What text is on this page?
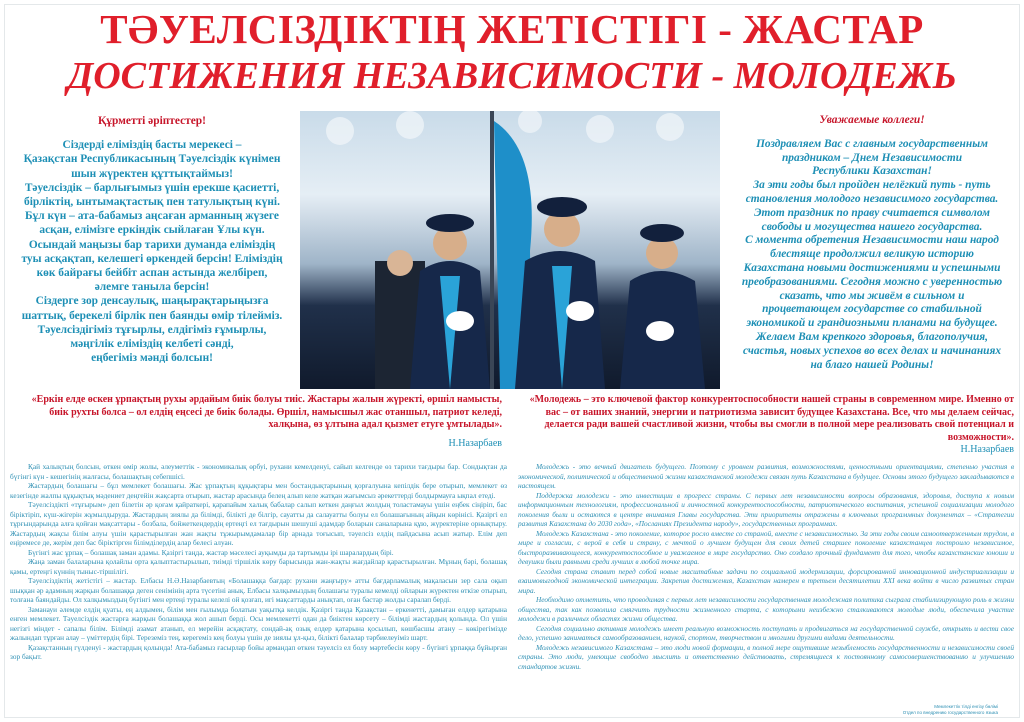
ТӘУЕЛСІЗДІКТІҢ ЖЕТІСТІГІ - ЖАСТАР
ДОСТИЖЕНИЯ НЕЗАВИСИМОСТИ - МОЛОДЕЖЬ
Құрметті әріптестер!
Сіздерді еліміздің басты мерекесі –
Қазақстан Республикасының Тәуелсіздік күнімен
шын жүректен құттықтаймыз!
Тәуелсіздік – барлығымыз үшін ерекше қасиетті,
бірліктің, ынтымақтастық пен татулықтың күні.
Бұл күн – ата-бабамыз аңсаған арманның жүзеге
асқан, елімізге еркіндік сыйлаған Ұлы күн.
Осындай маңызы бар тарихи думанда еліміздің
туы асқақтап, келешегі өркендей берсін! Еліміздің
көк байрағы бейбіт аспан астында желбіреп,
әлемге танылa берсін!
Сіздерге зор денсаулық, шаңырақтарыңызға
шаттық, берекелі бірлік пен баянды өмір тілейміз.
Тәуелсіздігіміз тұғырлы, елдігіміз ғұмырлы,
мәңгілік еліміздің келбеті сәнді,
еңбегіміз мәнді болсын!
Уважаемые коллеги!
Поздравляем Вас с главным государственным
праздником – Днем Независимости
Республики Казахстан!
За эти годы был пройден нелёгкий путь - путь
становления молодого независимого государства.
Этот праздник по праву считается символом
свободы и могущества нашего государства.
С момента обретения Независимости наш народ
блестяще продолжил великую историю
Казахстана новыми достижениями и успешными
преобразованиями. Сегодня можно с уверенностью
сказать, что мы живём в сильном и
процветающем государстве со стабильной
экономикой и грандиозными планами на будущее.
Желаем Вам крепкого здоровья, благополучия,
счастья, новых успехов во всех делах и начинаниях
на благо нашей Родины!
«Еркін елде өскен ұрпақтың рухы әрдайым биік болуы тиіс. Жастары жалын жүректі, өршіл намысты, биік рухты болса – ол елдің еңсесі де биік болады. Өршіл, намысшыл жас отаншыл, патриот келеді, халқына, өз ұлтына адал қызмет етуге ұмтылады».
Н.Назарбаев
«Молодежь – это ключевой фактор конкурентоспособности нашей страны в современном мире. Именно от вас – от ваших знаний, энергии и патриотизма зависит будущее Казахстана. Все, что мы делаем сейчас, делается ради вашей счастливой жизни, чтобы вы смогли в полной мере реализовать свой потенциал и возможности».
Н.Назарбаев

Қай халықтың болсын, өткен өмір жолы, әлеуметтік - экономикалық өрбуі, рухани кемелденуі, сайып келгенде өз тарихи тағдыры бар. Сондықтан да бүгінгі күн - кешегінің жалғасы, болашақтың себепшісі.

Жастардың болашағы – бұл мемлекет болашағы. Жас ұрпақтың құқықтары мен бостандықтарының қорғалуына кепілдік бере отырып, мемлекет өз кезегінде жалпы құқықтық мәдениет деңгейін жақсарта отырып, жастар арасында белең алып келе жатқан жағымсыз әрекеттерді болдырмауға ықпал етеді.

Тәуелсіздікті «тұғырым» деп білетін әр қоғам қайраткері, қарапайым халық бабалар салып кеткен даңғыл жолдың толастамауы үшін еңбек сіңіріп, бас біріктіріп, күш-жігерін жұмылдыруда. Жастардың зиялы да білімді, білікті де білгір, сауатты да салауатты болуы ел болашағының айқын көрінісі. Қазіргі ел тұрғындарында алға қойған мақсаттары - бозбала, бойжеткендердің ертеңгі ел тағдырын шешуші адамдар боларын саналарына құю, жүректеріне орнықтыру. Жастардың жақсы білім алуы үшін қарастырылған жан жақты тұжырымдамалар бір арнада тоғысып, тәуелсіз елдің пайдасына асып жатыр. Елім деп еңіремесе де, жерім деп бас біріктірген білімділердің алар белесі алуан.

Бүгінгі жас ұрпақ – болашақ заман адамы. Қазіргі таңда, жастар мәселесі ауқымды да тартымды ірі шаралардың бірі.

Жаңа заман балаларына қолайлы орта қалыптастырылып, тиімді тіршілік көру барысында жан-жақты жағдайлар қарастырылған. Мұның бәрі, болашақ қамы, ертеңгі күннің тыныс-тіршілігі.

Тәуелсіздіктің жетістігі – жастар. Елбасы Н.Ә.Назарбаевтың «Болашаққа бағдар: рухани жаңғыру» атты бағдарламалық мақаласын зер сала оқып шыққан әр адамның жарқын болашаққа деген сенімінің арта түсетіні анық. Елбасы халқымыздың болашағы туралы кемелді ойларын жүректен өткізе отырып, толғана баяндайды. Ол халқымыздың бүгінгі мен ертеңі туралы келелі ой қозғап, игі мақсаттарды анықтап, оған бастар жолды саралап берді.

Заманауи әлемде елдің қуаты, ең алдымен, білім мен ғылымда болатын уақытқа келдік. Қазіргі таңда Қазақстан – еркенетті, дамыған елдер қатарына енген мемлекет. Тәуелсіздік жастарға жарқын болашаққа жол ашып берді. Осы мемлекетті одан да биіктен көрсету – білімді жастардың қолында. Ол үшін негізгі міндет - сапалы білім. Білімді азамат атанып, ел мерейін асқақтату, сондай-ақ озық елдер қатарына қосылып, көшбасшы атану – көкірегімізде жалындап тұрған алау – үміттердің бірі. Тереземіз тең, керегеміз кең болуы үшін де зиялы ұл-қыз, білікті балалар тәрбиелеуіміз шарт.

Қазақстанның гүлденуі - жастардың қолында! Ата-бабамыз ғасырлар бойы армандап өткен тәуелсіз ел болу мәртебесін көру - бүгінгі ұрпаққа бұйырған зор бақыт.

Молодежь - это вечный двигатель будущего. Поэтому с уровнем развития, возможностями, ценностными ориентациями, степенью участия в экономической, политической и общественной жизни казахстанской молодежи связан путь Казахстана в будущее. Основы этого будущего закладываются в настоящем.

Поддержка молодежи - это инвестиции в прогресс страны. С первых лет независимости вопросы образования, здоровья, доступа к новым информационным технологиям, профессиональной и личностной конкурентоспособности, патриотического воспитания, успешной социализации молодого поколения были и остаются в центре внимания Главы государства. Эти приоритеты отражены в ключевых программных документах – «Стратегии развития Казахстана до 2030 года», «Посланиях Президента народу», государственных программах.

Молодежь Казахстана - это поколение, которое росло вместе со страной, вместе с независимостью. За эти годы своим самоотверженным трудом, в мире и согласии, с верой в себя и страну, с мечтой о лучшем будущем для своих детей старшее поколение казахстанцев построило независимое, быстроразвивающееся, конкурентоспособное и уважаемое в мире государство. Оно создало прочный фундамент для того, чтобы казахстанские юноши и девушки были равными среди лучших в любой точке мира.

Сегодня страна ставит перед собой новые масштабные задачи по социальной модернизации, форсированной инновационной индустриализации и взаимовыгодной экономической интеграции. Закрепив достижения, Казахстан намерен в третьем десятилетии XXI века войти в число развитых стран мира.

Необходимо отметить, что проводимая с первых лет независимости государственная молодежная политика сыграла стабилизирующую роль в жизни общества, так как позволила смягчить трудности жизненного старта, с которыми неизбежно сталкиваются молодые люди, обеспечила участие молодежи в различных областях жизни общества.

Сегодня социально активная молодежь имеет реальную возможность поступать и продвигаться на государственной службе, открыть и вести свое дело, успешно заниматься самообразованием, наукой, спортом, творчеством и многими другими видами деятельности.

Молодежь независимого Казахстана – это люди новой формации, в полной мере ощутившие незыблемость государственности и независимости своей страны. Это люди, умеющие свободно мыслить и ответственно действовать, стремящиеся к постоянному самосовершенствованию и улучшению стандартов жизни.

Мемлекеттік тілді енгізу бөлімі
Отдел по внедрению государственного языка
